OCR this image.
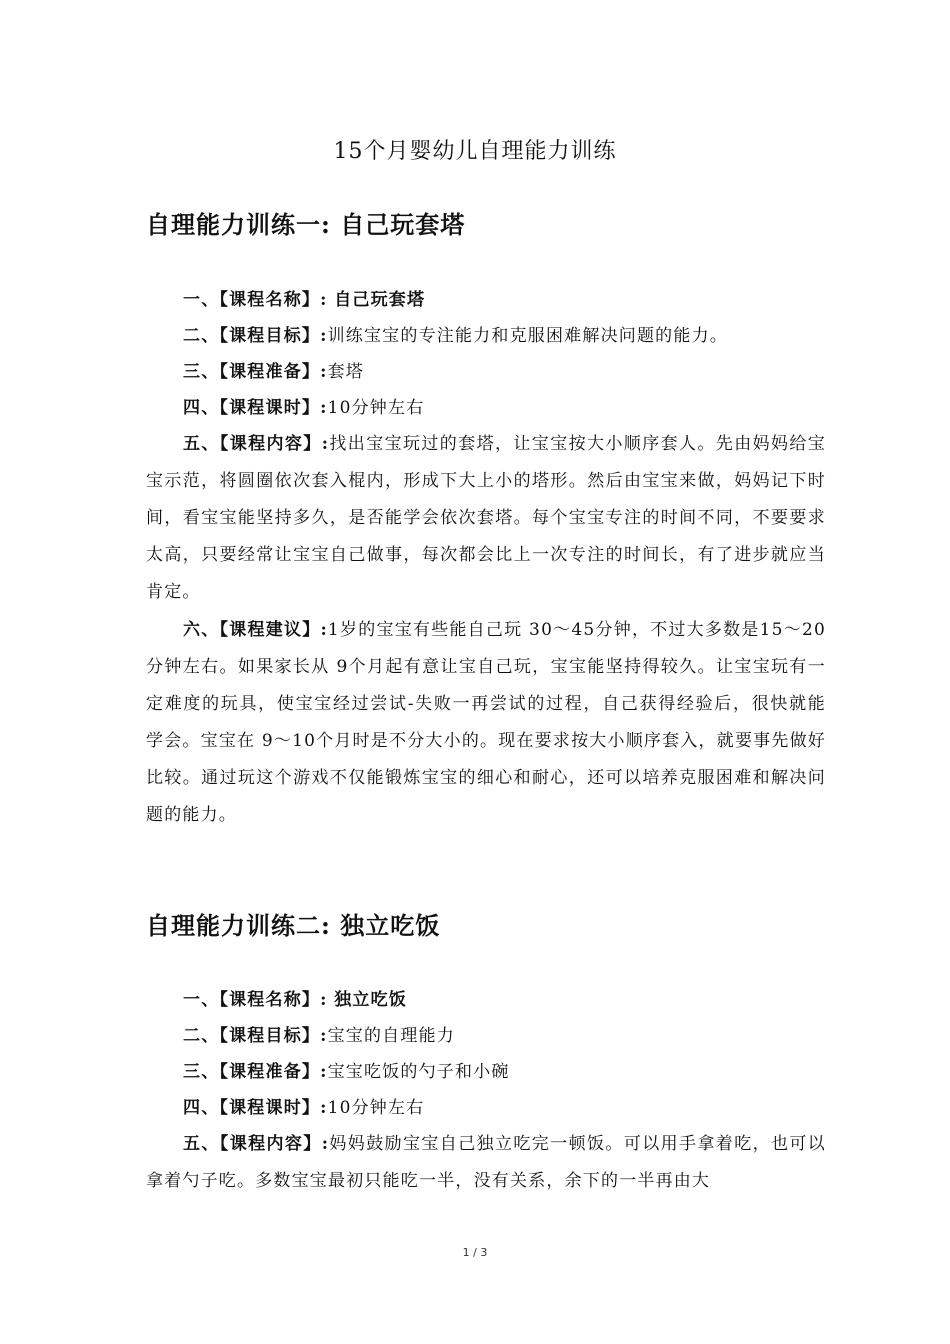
15个月婴幼儿自理能力训练
自理能力训练一: 自己玩套塔
一、【课程名称】: 自己玩套塔
二、【课程目标】:训练宝宝的专注能力和克服困难解决问题的能力。
三、【课程准备】:套塔
四、【课程课时】:10分钟左右
五、【课程内容】:找出宝宝玩过的套塔，让宝宝按大小顺序套人。先由妈妈给宝宝示范，将圆圈依次套入棍内，形成下大上小的塔形。然后由宝宝来做，妈妈记下时间，看宝宝能坚持多久，是否能学会依次套塔。每个宝宝专注的时间不同，不要要求太高，只要经常让宝宝自己做事，每次都会比上一次专注的时间长，有了进步就应当肯定。
六、【课程建议】:1岁的宝宝有些能自己玩 30～45分钟，不过大多数是15～20分钟左右。如果家长从 9个月起有意让宝自己玩，宝宝能坚持得较久。让宝宝玩有一定难度的玩具，使宝宝经过尝试-失败一再尝试的过程，自己获得经验后，很快就能学会。宝宝在 9～10个月时是不分大小的。现在要求按大小顺序套入，就要事先做好比较。通过玩这个游戏不仅能锻炼宝宝的细心和耐心，还可以培养克服困难和解决问题的能力。
自理能力训练二: 独立吃饭
一、【课程名称】: 独立吃饭
二、【课程目标】:宝宝的自理能力
三、【课程准备】:宝宝吃饭的勺子和小碗
四、【课程课时】:10分钟左右
五、【课程内容】:妈妈鼓励宝宝自己独立吃完一顿饭。可以用手拿着吃，也可以拿着勺子吃。多数宝宝最初只能吃一半，没有关系，余下的一半再由大
1 / 3
